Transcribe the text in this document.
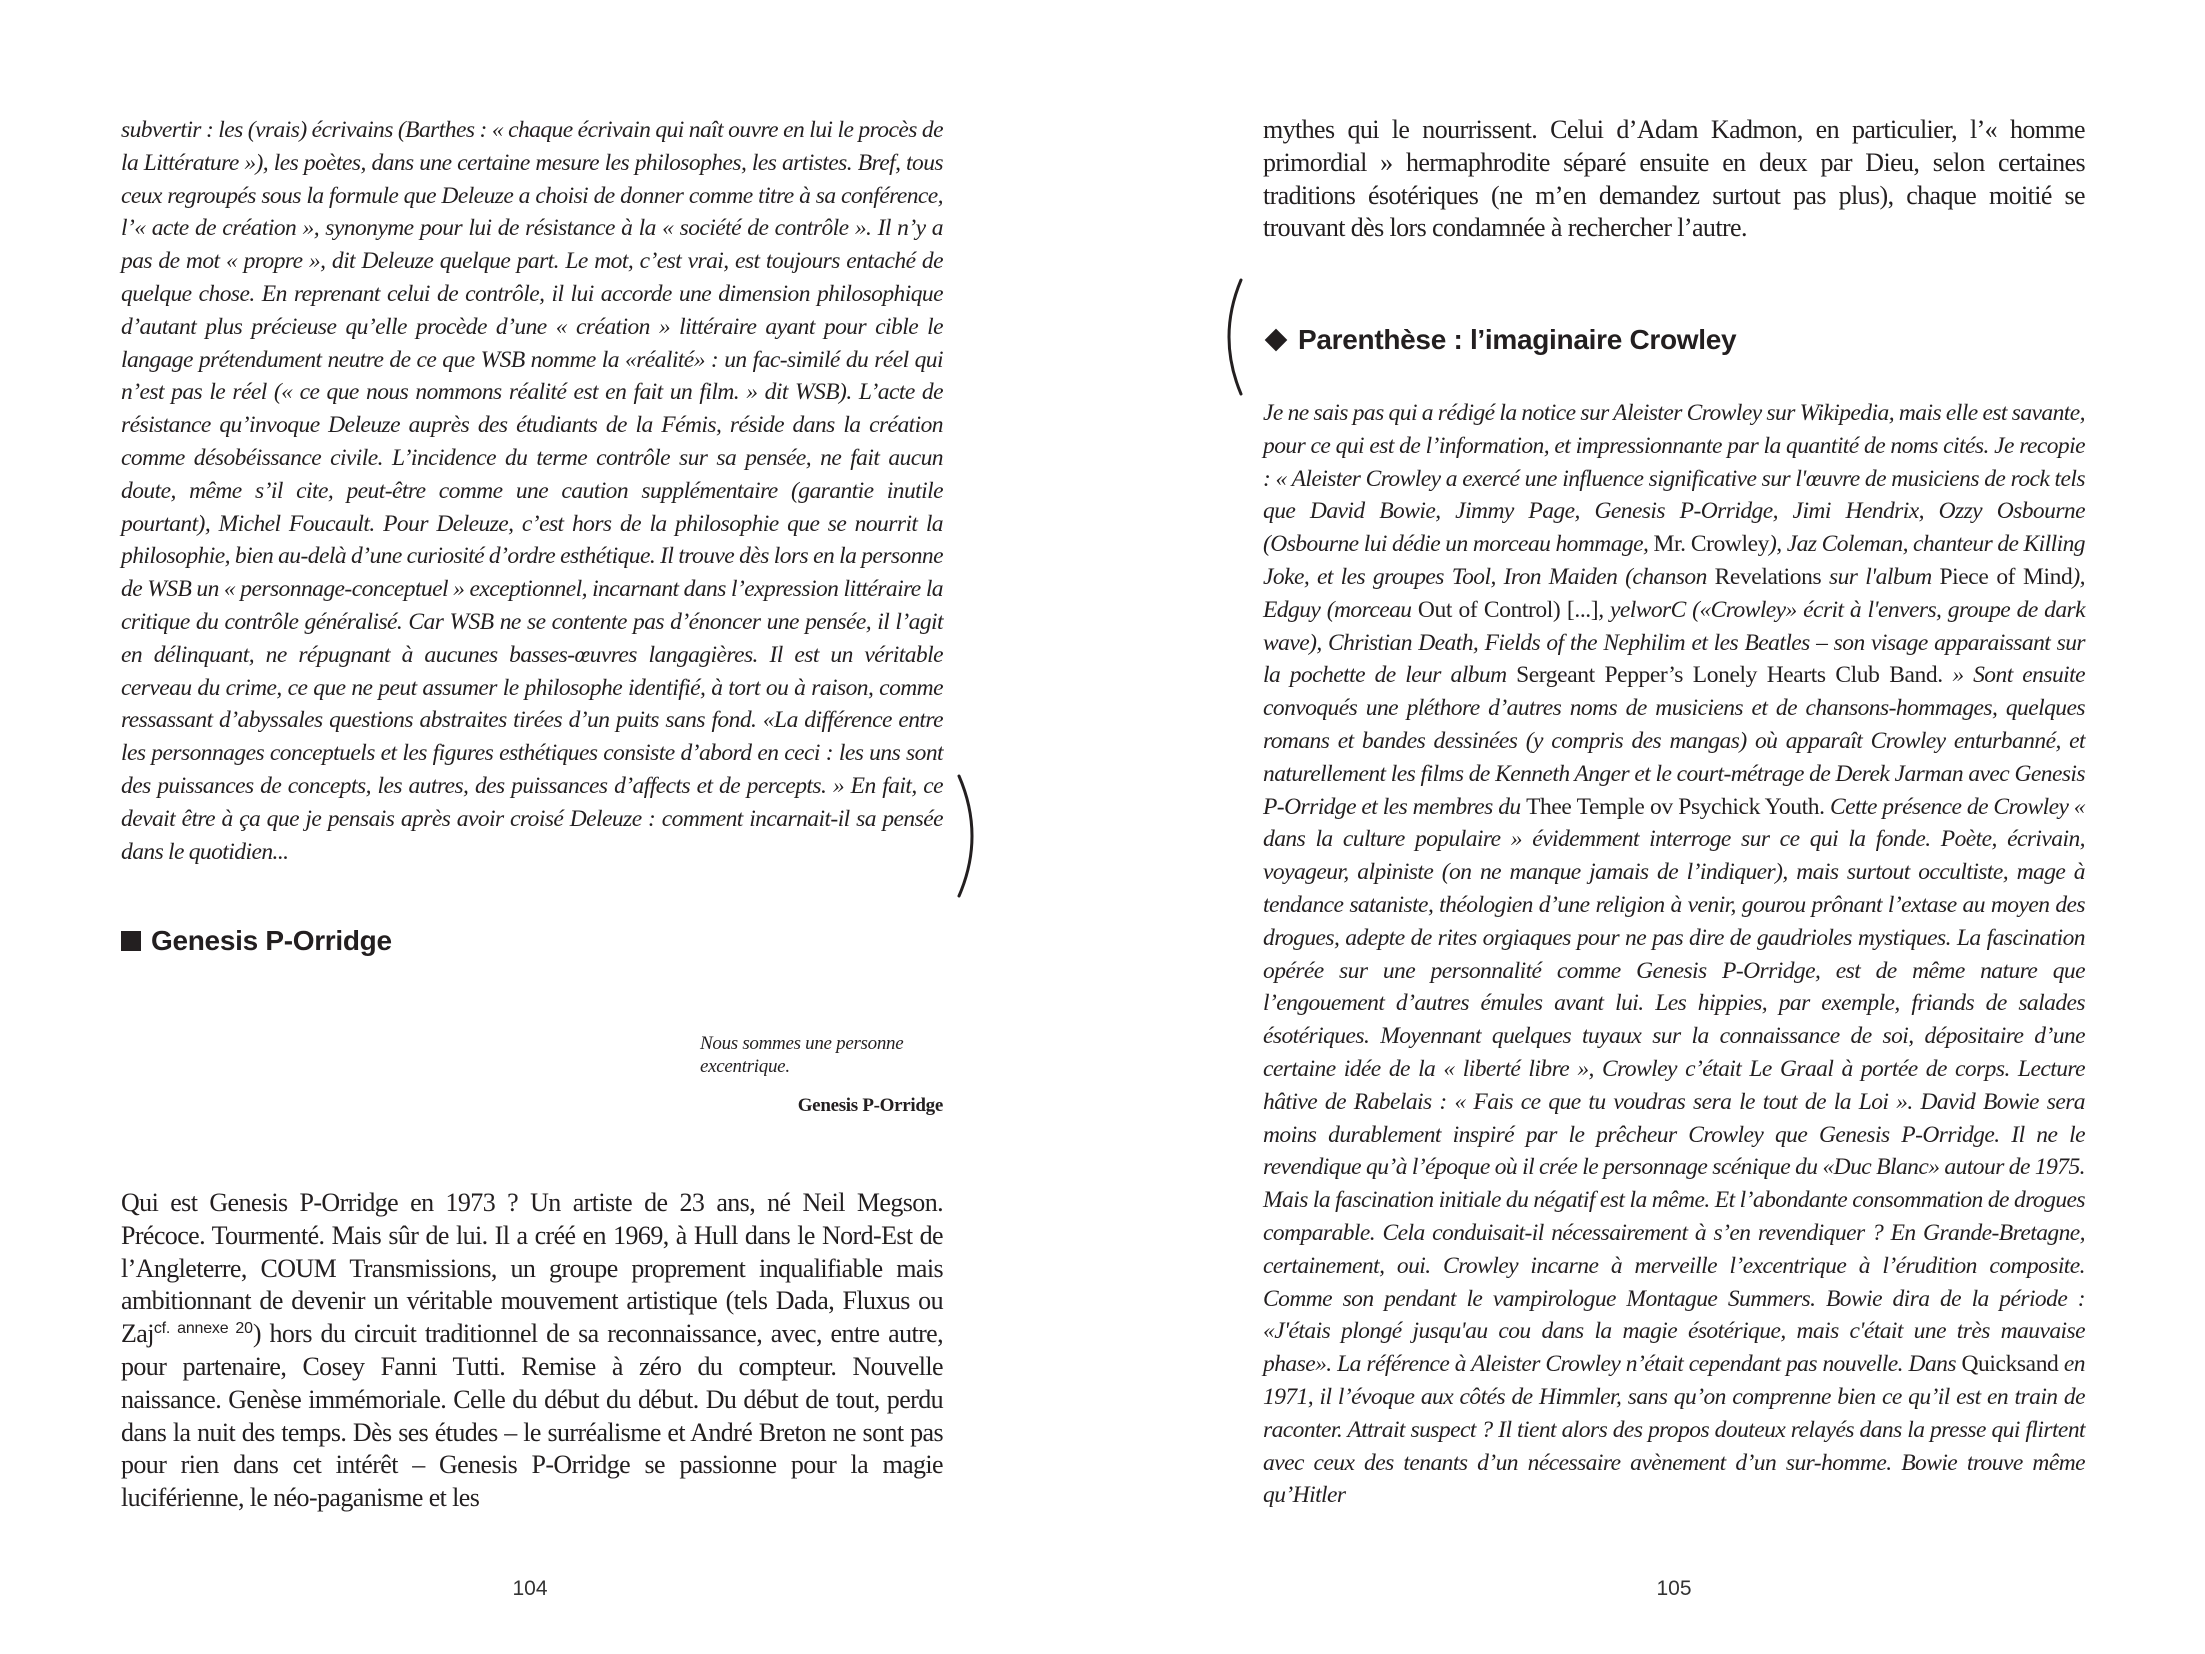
subvertir : les (vrais) écrivains (Barthes : « chaque écrivain qui naît ouvre en lui le procès de la Littérature »), les poètes, dans une certaine mesure les philosophes, les artistes. Bref, tous ceux regroupés sous la formule que Deleuze a choisi de donner comme titre à sa conférence, l’« acte de création », synonyme pour lui de résistance à la « société de contrôle ». Il n’y a pas de mot « propre », dit Deleuze quelque part. Le mot, c’est vrai, est toujours entaché de quelque chose. En reprenant celui de contrôle, il lui accorde une dimension philosophique d’autant plus précieuse qu’elle procède d’une « création » littéraire ayant pour cible le langage prétendument neutre de ce que WSB nomme la «réalité» : un fac-similé du réel qui n’est pas le réel (« ce que nous nommons réalité est en fait un film. » dit WSB). L’acte de résistance qu’invoque Deleuze auprès des étudiants de la Fémis, réside dans la création comme désobéissance civile. L’incidence du terme contrôle sur sa pensée, ne fait aucun doute, même s’il cite, peut-être comme une caution supplémentaire (garantie inutile pourtant), Michel Foucault. Pour Deleuze, c’est hors de la philosophie que se nourrit la philosophie, bien au-delà d’une curiosité d’ordre esthétique. Il trouve dès lors en la personne de WSB un « personnage-conceptuel » exceptionnel, incarnant dans l’expression littéraire la critique du contrôle généralisé. Car WSB ne se contente pas d’énoncer une pensée, il l’agit en délinquant, ne répugnant à aucunes basses-œuvres langagières. Il est un véritable cerveau du crime, ce que ne peut assumer le philosophe identifié, à tort ou à raison, comme ressassant d’abyssales questions abstraites tirées d’un puits sans fond. «La différence entre les personnages conceptuels et les figures esthétiques consiste d’abord en ceci : les uns sont des puissances de concepts, les autres, des puissances d’affects et de percepts. » En fait, ce devait être à ça que je pensais après avoir croisé Deleuze : comment incarnait-il sa pensée dans le quotidien...

Genesis P-Orridge

Nous sommes une personne excentrique.

Genesis P-Orridge

Qui est Genesis P-Orridge en 1973 ? Un artiste de 23 ans, né Neil Megson. Précoce. Tourmenté. Mais sûr de lui. Il a créé en 1969, à Hull dans le Nord-Est de l’Angleterre, COUM Transmissions, un groupe proprement inqualifiable mais ambitionnant de devenir un véritable mouvement artistique (tels Dada, Fluxus ou Zaj$^{cf. annexe 20}$) hors du circuit traditionnel de sa reconnaissance, avec, entre autre, pour partenaire, Cosey Fanni Tutti. Remise à zéro du compteur. Nouvelle naissance. Genèse immémoriale. Celle du début du début. Du début de tout, perdu dans la nuit des temps. Dès ses études – le surréalisme et André Breton ne sont pas pour rien dans cet intérêt – Genesis P-Orridge se passionne pour la magie luciférienne, le néo-paganisme et les

104

mythes qui le nourrissent. Celui d’Adam Kadmon, en particulier, l’« homme primordial » hermaphrodite séparé ensuite en deux par Dieu, selon certaines traditions ésotériques (ne m’en demandez surtout pas plus), chaque moitié se trouvant dès lors condamnée à rechercher l’autre.

Parenthèse : l’imaginaire Crowley

Je ne sais pas qui a rédigé la notice sur Aleister Crowley sur Wikipedia, mais elle est savante, pour ce qui est de l’information, et impressionnante par la quantité de noms cités. Je recopie : « Aleister Crowley a exercé une influence significative sur l'œuvre de musiciens de rock tels que David Bowie, Jimmy Page, Genesis P-Orridge, Jimi Hendrix, Ozzy Osbourne (Osbourne lui dédie un morceau hommage, Mr. Crowley), Jaz Coleman, chanteur de Killing Joke, et les groupes Tool, Iron Maiden (chanson Revelations sur l'album Piece of Mind), Edguy (morceau Out of Control) [...], yelworC («Crowley» écrit à l'envers, groupe de dark wave), Christian Death, Fields of the Nephilim et les Beatles – son visage apparaissant sur la pochette de leur album Sergeant Pepper’s Lonely Hearts Club Band. » Sont ensuite convoqués une pléthore d’autres noms de musiciens et de chansons-hommages, quelques romans et bandes dessinées (y compris des mangas) où apparaît Crowley enturbanné, et naturellement les films de Kenneth Anger et le court-métrage de Derek Jarman avec Genesis P-Orridge et les membres du Thee Temple ov Psychick Youth. Cette présence de Crowley « dans la culture populaire » évidemment interroge sur ce qui la fonde. Poète, écrivain, voyageur, alpiniste (on ne manque jamais de l’indiquer), mais surtout occultiste, mage à tendance sataniste, théologien d’une religion à venir, gourou prônant l’extase au moyen des drogues, adepte de rites orgiaques pour ne pas dire de gaudrioles mystiques. La fascination opérée sur une personnalité comme Genesis P-Orridge, est de même nature que l’engouement d’autres émules avant lui. Les hippies, par exemple, friands de salades ésotériques. Moyennant quelques tuyaux sur la connaissance de soi, dépositaire d’une certaine idée de la « liberté libre », Crowley c’était Le Graal à portée de corps. Lecture hâtive de Rabelais : « Fais ce que tu voudras sera le tout de la Loi ». David Bowie sera moins durablement inspiré par le prêcheur Crowley que Genesis P-Orridge. Il ne le revendique qu’à l’époque où il crée le personnage scénique du «Duc Blanc» autour de 1975. Mais la fascination initiale du négatif est la même. Et l’abondante consommation de drogues comparable. Cela conduisait-il nécessairement à s’en revendiquer ? En Grande-Bretagne, certainement, oui. Crowley incarne à merveille l’excentrique à l’érudition composite. Comme son pendant le vampirologue Montague Summers. Bowie dira de la période : «J'étais plongé jusqu'au cou dans la magie ésotérique, mais c'était une très mauvaise phase». La référence à Aleister Crowley n’était cependant pas nouvelle. Dans Quicksand en 1971, il l’évoque aux côtés de Himmler, sans qu’on comprenne bien ce qu’il est en train de raconter. Attrait suspect ? Il tient alors des propos douteux relayés dans la presse qui flirtent avec ceux des tenants d’un nécessaire avènement d’un sur-homme. Bowie trouve même qu’Hitler

105
